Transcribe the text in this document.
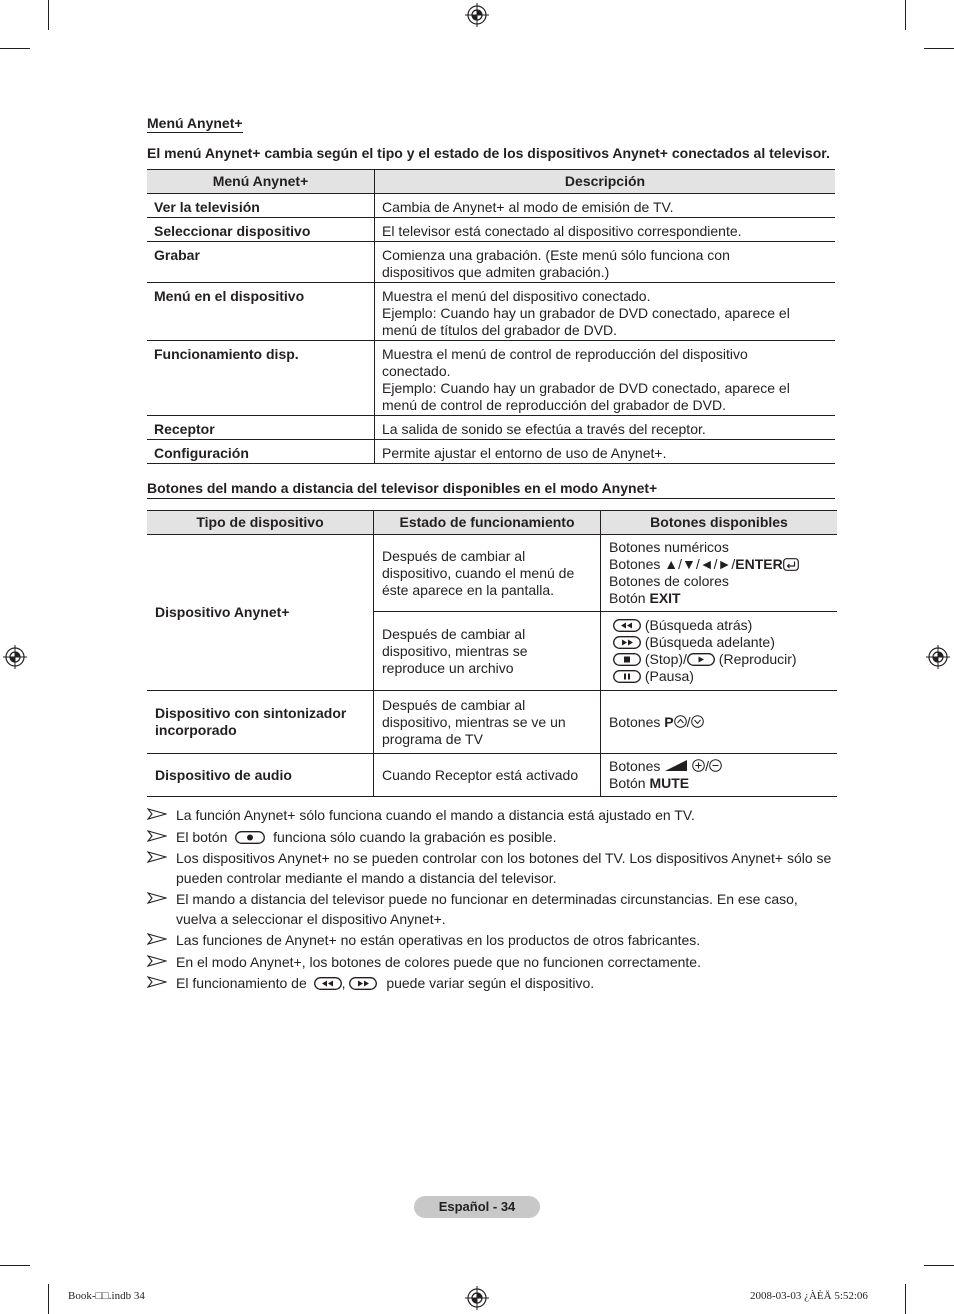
Menú Anynet+
El menú Anynet+ cambia según el tipo y el estado de los dispositivos Anynet+ conectados al televisor.
Menú Anynet+	Descripción
Ver la televisión	Cambia de Anynet+ al modo de emisión de TV.
Seleccionar dispositivo	El televisor está conectado al dispositivo correspondiente.
Grabar	Comienza una grabación. (Este menú sólo funciona con dispositivos que admiten grabación.)
Menú en el dispositivo	Muestra el menú del dispositivo conectado.
Ejemplo: Cuando hay un grabador de DVD conectado, aparece el menú de títulos del grabador de DVD.

Funcionamiento disp.	Muestra el menú de control de reproducción del dispositivo conectado.
Ejemplo: Cuando hay un grabador de DVD conectado, aparece el menú de control de reproducción del grabador de DVD.

Receptor	La salida de sonido se efectúa a través del receptor.
Configuración	Permite ajustar el entorno de uso de Anynet+.
Botones del mando a distancia del televisor disponibles en el modo Anynet+
Tipo de dispositivo	Estado de funcionamiento	Botones disponibles
Dispositivo Anynet+	Después de cambiar al dispositivo, cuando el menú de éste aparece en la pantalla.	Botones numéricos
Botones ▲/▼/◄/►/ENTER
Botones de colores
Botón EXIT

	Después de cambiar al dispositivo, mientras se reproduce un archivo	(Búsqueda atrás)
(Búsqueda adelante)
(Stop)/ (Reproducir)
(Pausa)

Dispositivo con sintonizador incorporado	Después de cambiar al dispositivo, mientras se ve un programa de TV	Botones P /
Dispositivo de audio	Cuando Receptor está activado	Botones /
Botón MUTE
La función Anynet+ sólo funciona cuando el mando a distancia está ajustado en TV.
El botón	funciona sólo cuando la grabación es posible.
Los dispositivos Anynet+ no se pueden controlar con los botones del TV. Los dispositivos Anynet+ sólo se pueden controlar mediante el mando a distancia del televisor.
El mando a distancia del televisor puede no funcionar en determinadas circunstancias. En ese caso, vuelva a seleccionar el dispositivo Anynet+.
Las funciones de Anynet+ no están operativas en los productos de otros fabricantes.
En el modo Anynet+, los botones de colores puede que no funcionen correctamente.
El funcionamiento de ,	puede variar según el dispositivo.
Español - 34
Book-□□.indb 34	2008-03-03 ¿ÀÈÄ 5:52:06
